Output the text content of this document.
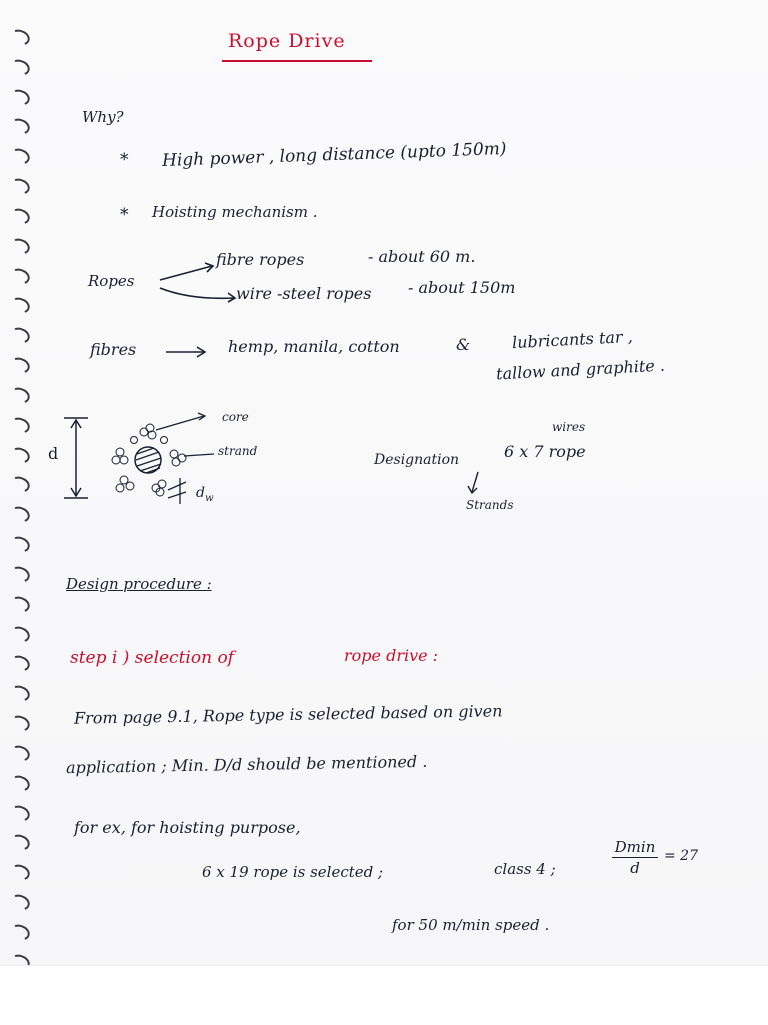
Rope Drive
Why?
* High power , long distance (upto 150m)
* Hoisting mechanism .
Ropes
fibre ropes	- about 60 m.
wire -steel ropes - about 150m
fibres	hemp, manila, cotton	&	lubricants tar ,
tallow and graphite .
d
core
strand
$d_w$
Designation
wires
6 x 7 rope
Strands
Design procedure :
step i ) selection of	rope drive :
From page 9.1, Rope type is selected based on given
application ; Min. D/d should be mentioned .
for ex, for hoisting purpose,
6 x 19 rope is selected ;	class 4 ;
Dmin
d
= 27
for 50 m/min speed .
